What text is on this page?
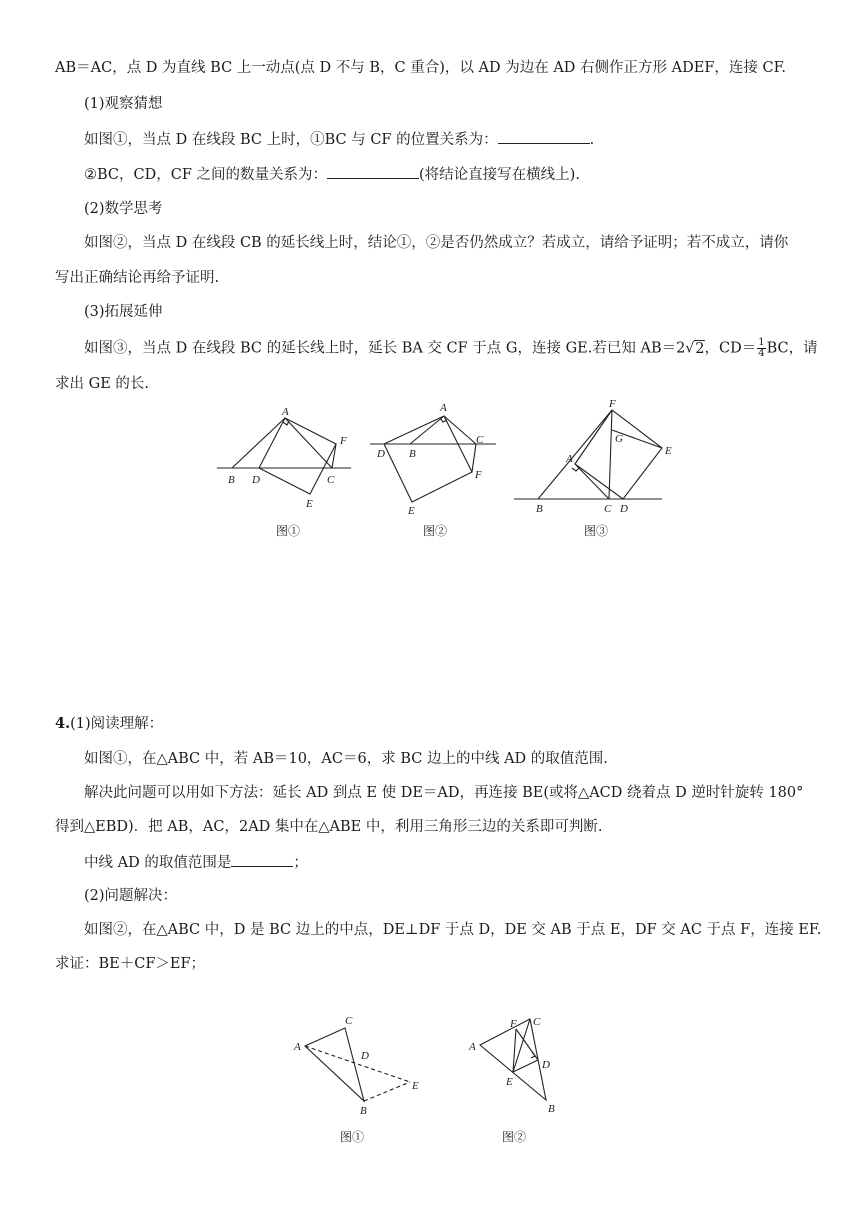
AB＝AC，点 D 为直线 BC 上一动点(点 D 不与 B，C 重合)，以 AD 为边在 AD 右侧作正方形 ADEF，连接 CF.
(1)观察猜想
如图①，当点 D 在线段 BC 上时，①BC 与 CF 的位置关系为：	.
②BC，CD，CF 之间的数量关系为：	(将结论直接写在横线上).
(2)数学思考
如图②，当点 D 在线段 CB 的延长线上时，结论①，②是否仍然成立？若成立，请给予证明；若不成立，请你
写出正确结论再给予证明.
(3)拓展延伸
如图③，当点 D 在线段 BC 的延长线上时，延长 BA 交 CF 于点 G，连接 GE.若已知 AB＝2√2，$CD= \frac{1}{4}$ BC，请
求出 GE 的长.
A
F
B D	C
E
A
D B
C
F
E
F
G
E
A
B	C D
C
A
D
E
B
F C
A
D
E
B
图①	图②	图③
4.(1)阅读理解：
如图①，在△ABC 中，若 AB＝10，AC＝6，求 BC 边上的中线 AD 的取值范围.
解决此问题可以用如下方法：延长 AD 到点 E 使 DE＝AD，再连接 BE(或将△ACD 绕着点 D 逆时针旋转 180°
得到△EBD)．把 AB，AC，2AD 集中在△ABE 中，利用三角形三边的关系即可判断.
中线 AD 的取值范围是	；
(2)问题解决：
如图②，在△ABC 中，D 是 BC 边上的中点，DE⊥DF 于点 D，DE 交 AB 于点 E，DF 交 AC 于点 F，连接 EF.
求证：BE＋CF＞EF；
图①	图②
